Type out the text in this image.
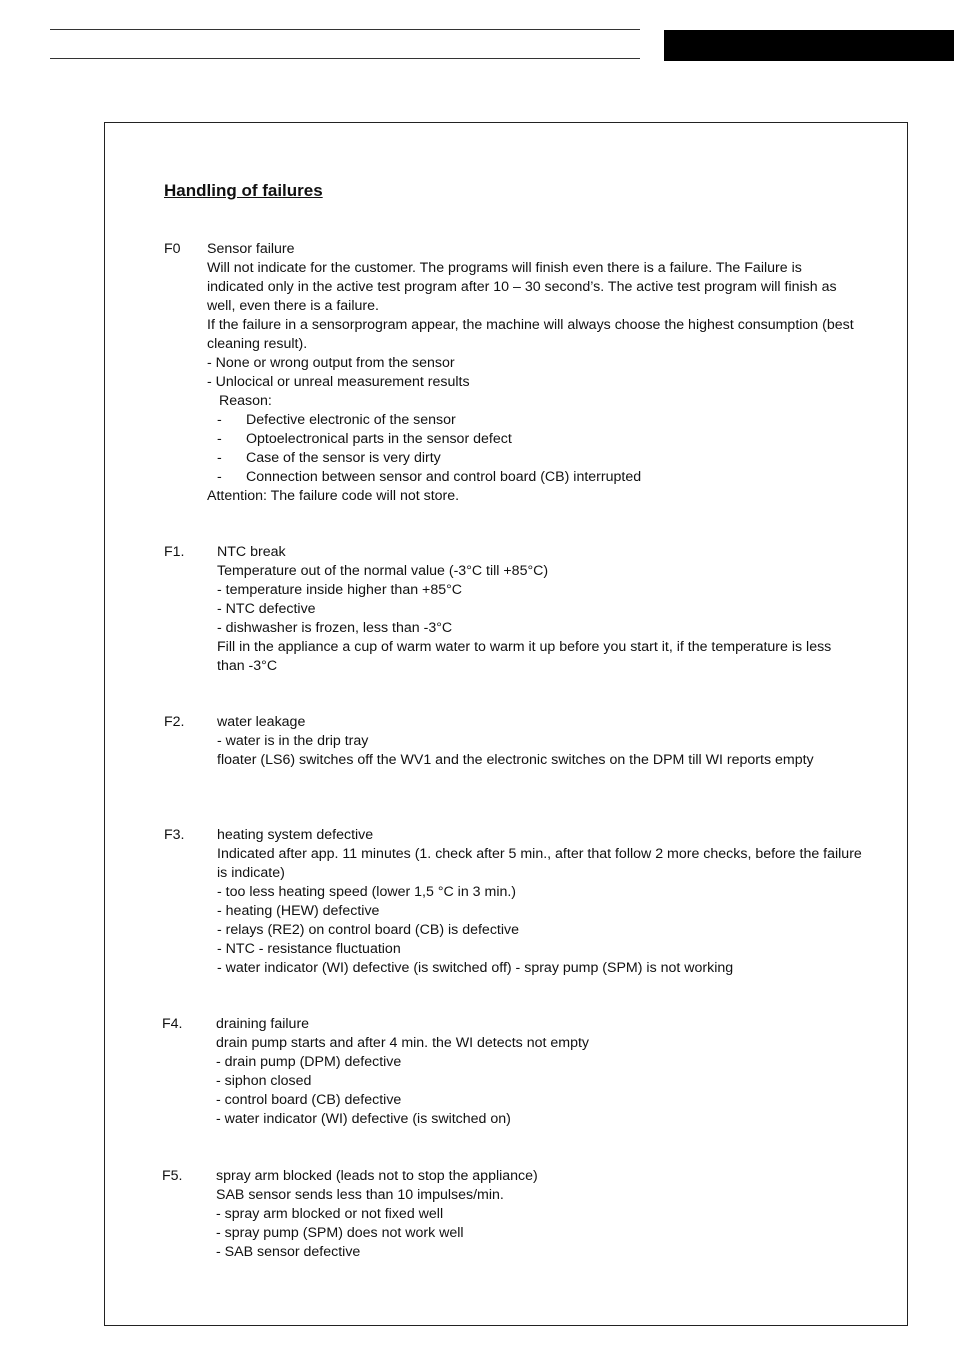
Handling of failures
F0 Sensor failure
Will not indicate for the customer. The programs will finish even there is a failure. The Failure is indicated only in the active test program after 10 – 30 second’s. The active test program will finish as well, even there is a failure.
If the failure in a sensorprogram appear, the machine will always choose the highest consumption (best cleaning result).
- None or wrong output from the sensor
- Unlocical or unreal measurement results
Reason:
- Defective electronic of the sensor
- Optoelectronical parts in the sensor defect
- Case of the sensor is very dirty
- Connection between sensor and control board (CB) interrupted
Attention: The failure code will not store.
F1. NTC break
Temperature out of the normal value (-3°C till +85°C)
- temperature inside higher than +85°C
- NTC defective
- dishwasher is frozen, less than -3°C
Fill in the appliance a cup of warm water to warm it up before you start it, if the temperature is less than -3°C
F2. water leakage
- water is in the drip tray
floater (LS6) switches off the WV1 and the electronic switches on the DPM till WI reports empty
F3. heating system defective
Indicated after app. 11 minutes (1. check after 5 min., after that follow 2 more checks, before the failure is indicate)
- too less heating speed (lower 1,5 °C in 3 min.)
- heating (HEW) defective
- relays (RE2) on control board (CB) is defective
- NTC - resistance fluctuation
- water indicator (WI) defective (is switched off) - spray pump (SPM) is not working
F4. draining failure
drain pump starts and after 4 min. the WI detects not empty
- drain pump (DPM) defective
- siphon closed
- control board (CB) defective
- water indicator (WI) defective (is switched on)
F5. spray arm blocked (leads not to stop the appliance)
SAB sensor sends less than 10 impulses/min.
- spray arm blocked or not fixed well
- spray pump (SPM) does not work well
- SAB sensor defective
